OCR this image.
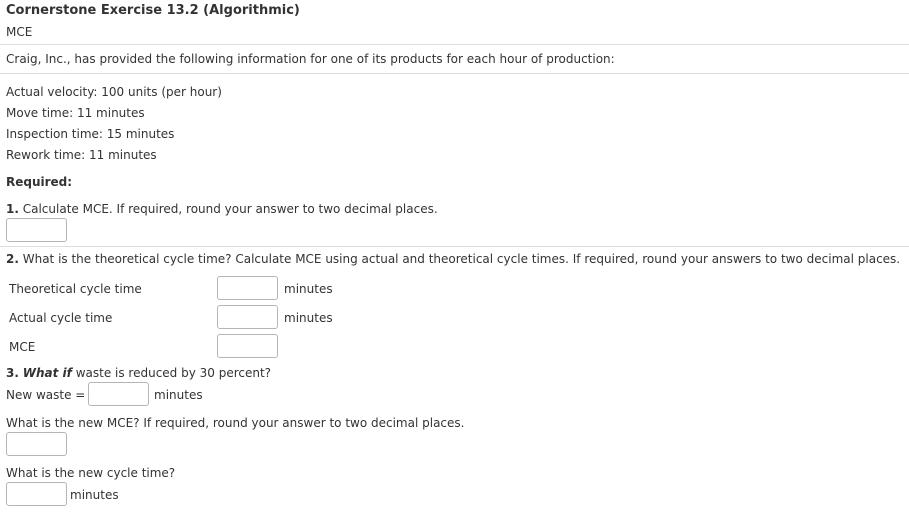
Cornerstone Exercise 13.2 (Algorithmic)
MCE
Craig, Inc., has provided the following information for one of its products for each hour of production:
Actual velocity: 100 units (per hour)
Move time: 11 minutes
Inspection time: 15 minutes
Rework time: 11 minutes
Required:
1. Calculate MCE. If required, round your answer to two decimal places.
2. What is the theoretical cycle time? Calculate MCE using actual and theoretical cycle times. If required, round your answers to two decimal places.
Theoretical cycle time	minutes
Actual cycle time	minutes
MCE
3. What if waste is reduced by 30 percent?
New waste =	minutes
What is the new MCE? If required, round your answer to two decimal places.
What is the new cycle time?
minutes
